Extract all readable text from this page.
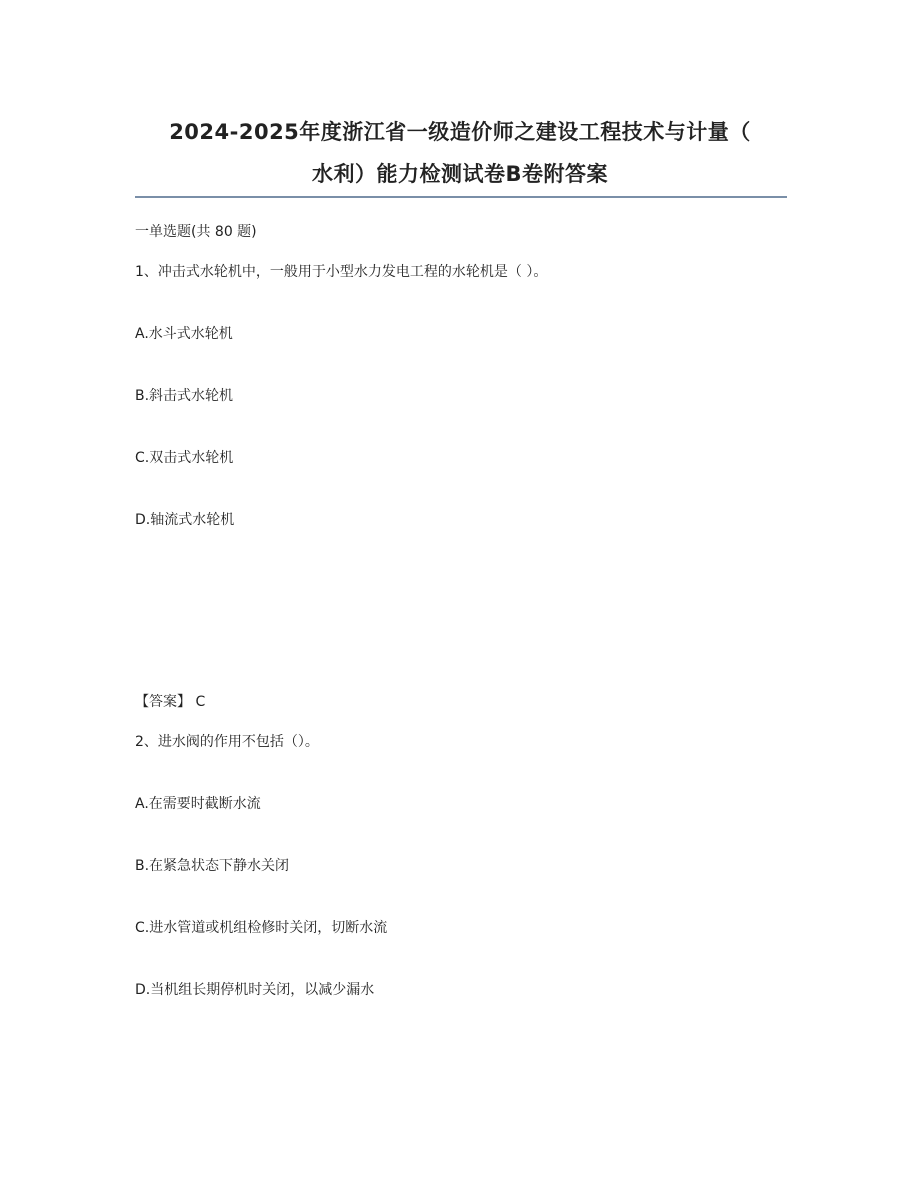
2024-2025年度浙江省一级造价师之建设工程技术与计量（
水利）能力检测试卷B卷附答案
一单选题(共 80 题)
1、冲击式水轮机中，一般用于小型水力发电工程的水轮机是（ ）。
A.水斗式水轮机
B.斜击式水轮机
C.双击式水轮机
D.轴流式水轮机
【答案】 C
2、进水阀的作用不包括（）。
A.在需要时截断水流
B.在紧急状态下静水关闭
C.进水管道或机组检修时关闭，切断水流
D.当机组长期停机时关闭，以减少漏水
